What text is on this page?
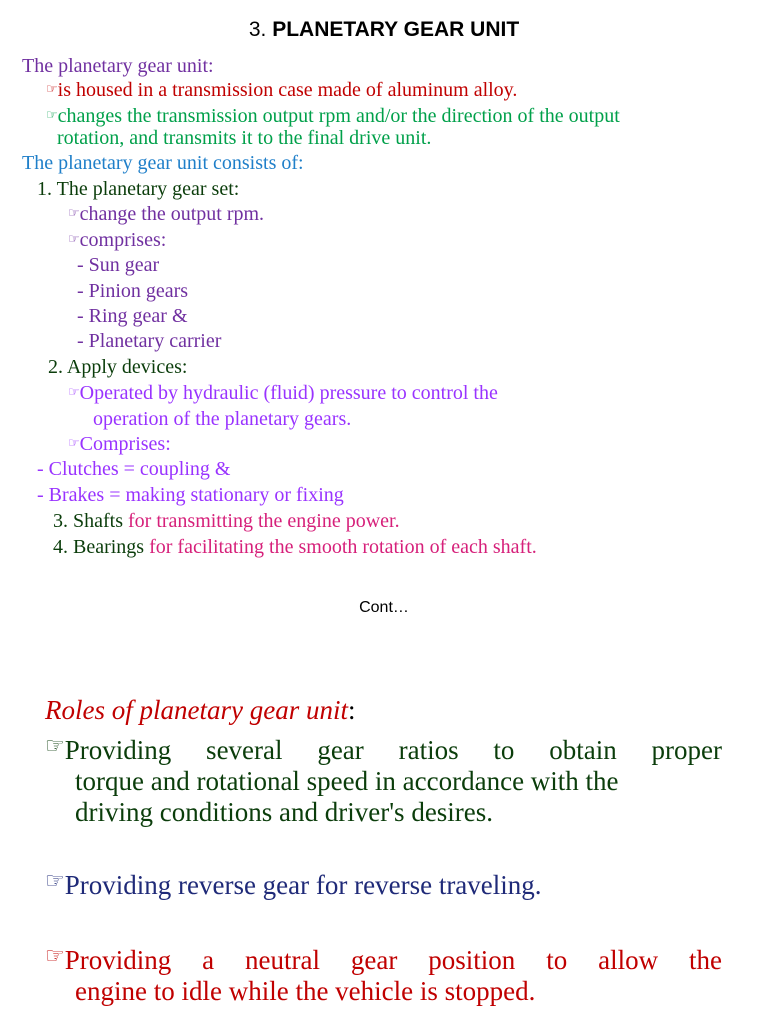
3. PLANETARY GEAR UNIT
The planetary gear unit:
☞is housed in a transmission case made of aluminum alloy.
☞changes the transmission output rpm and/or the direction of the output
rotation, and transmits it to the final drive unit.
The planetary gear unit consists of:
1. The planetary gear set:
☞change the output rpm.
☞comprises:
- Sun gear
- Pinion gears
- Ring gear &
- Planetary carrier
2. Apply devices:
☞Operated by hydraulic (fluid) pressure to control the
operation of the planetary gears.
☞Comprises:
- Clutches = coupling &
- Brakes = making stationary or fixing
3. Shafts for transmitting the engine power.
4. Bearings for facilitating the smooth rotation of each shaft.
Cont…
Roles of planetary gear unit:
☞Providing several gear ratios to obtain proper
torque and rotational speed in accordance with the
driving conditions and driver's desires.
☞Providing reverse gear for reverse traveling.
☞Providing a neutral gear position to allow the
engine to idle while the vehicle is stopped.
